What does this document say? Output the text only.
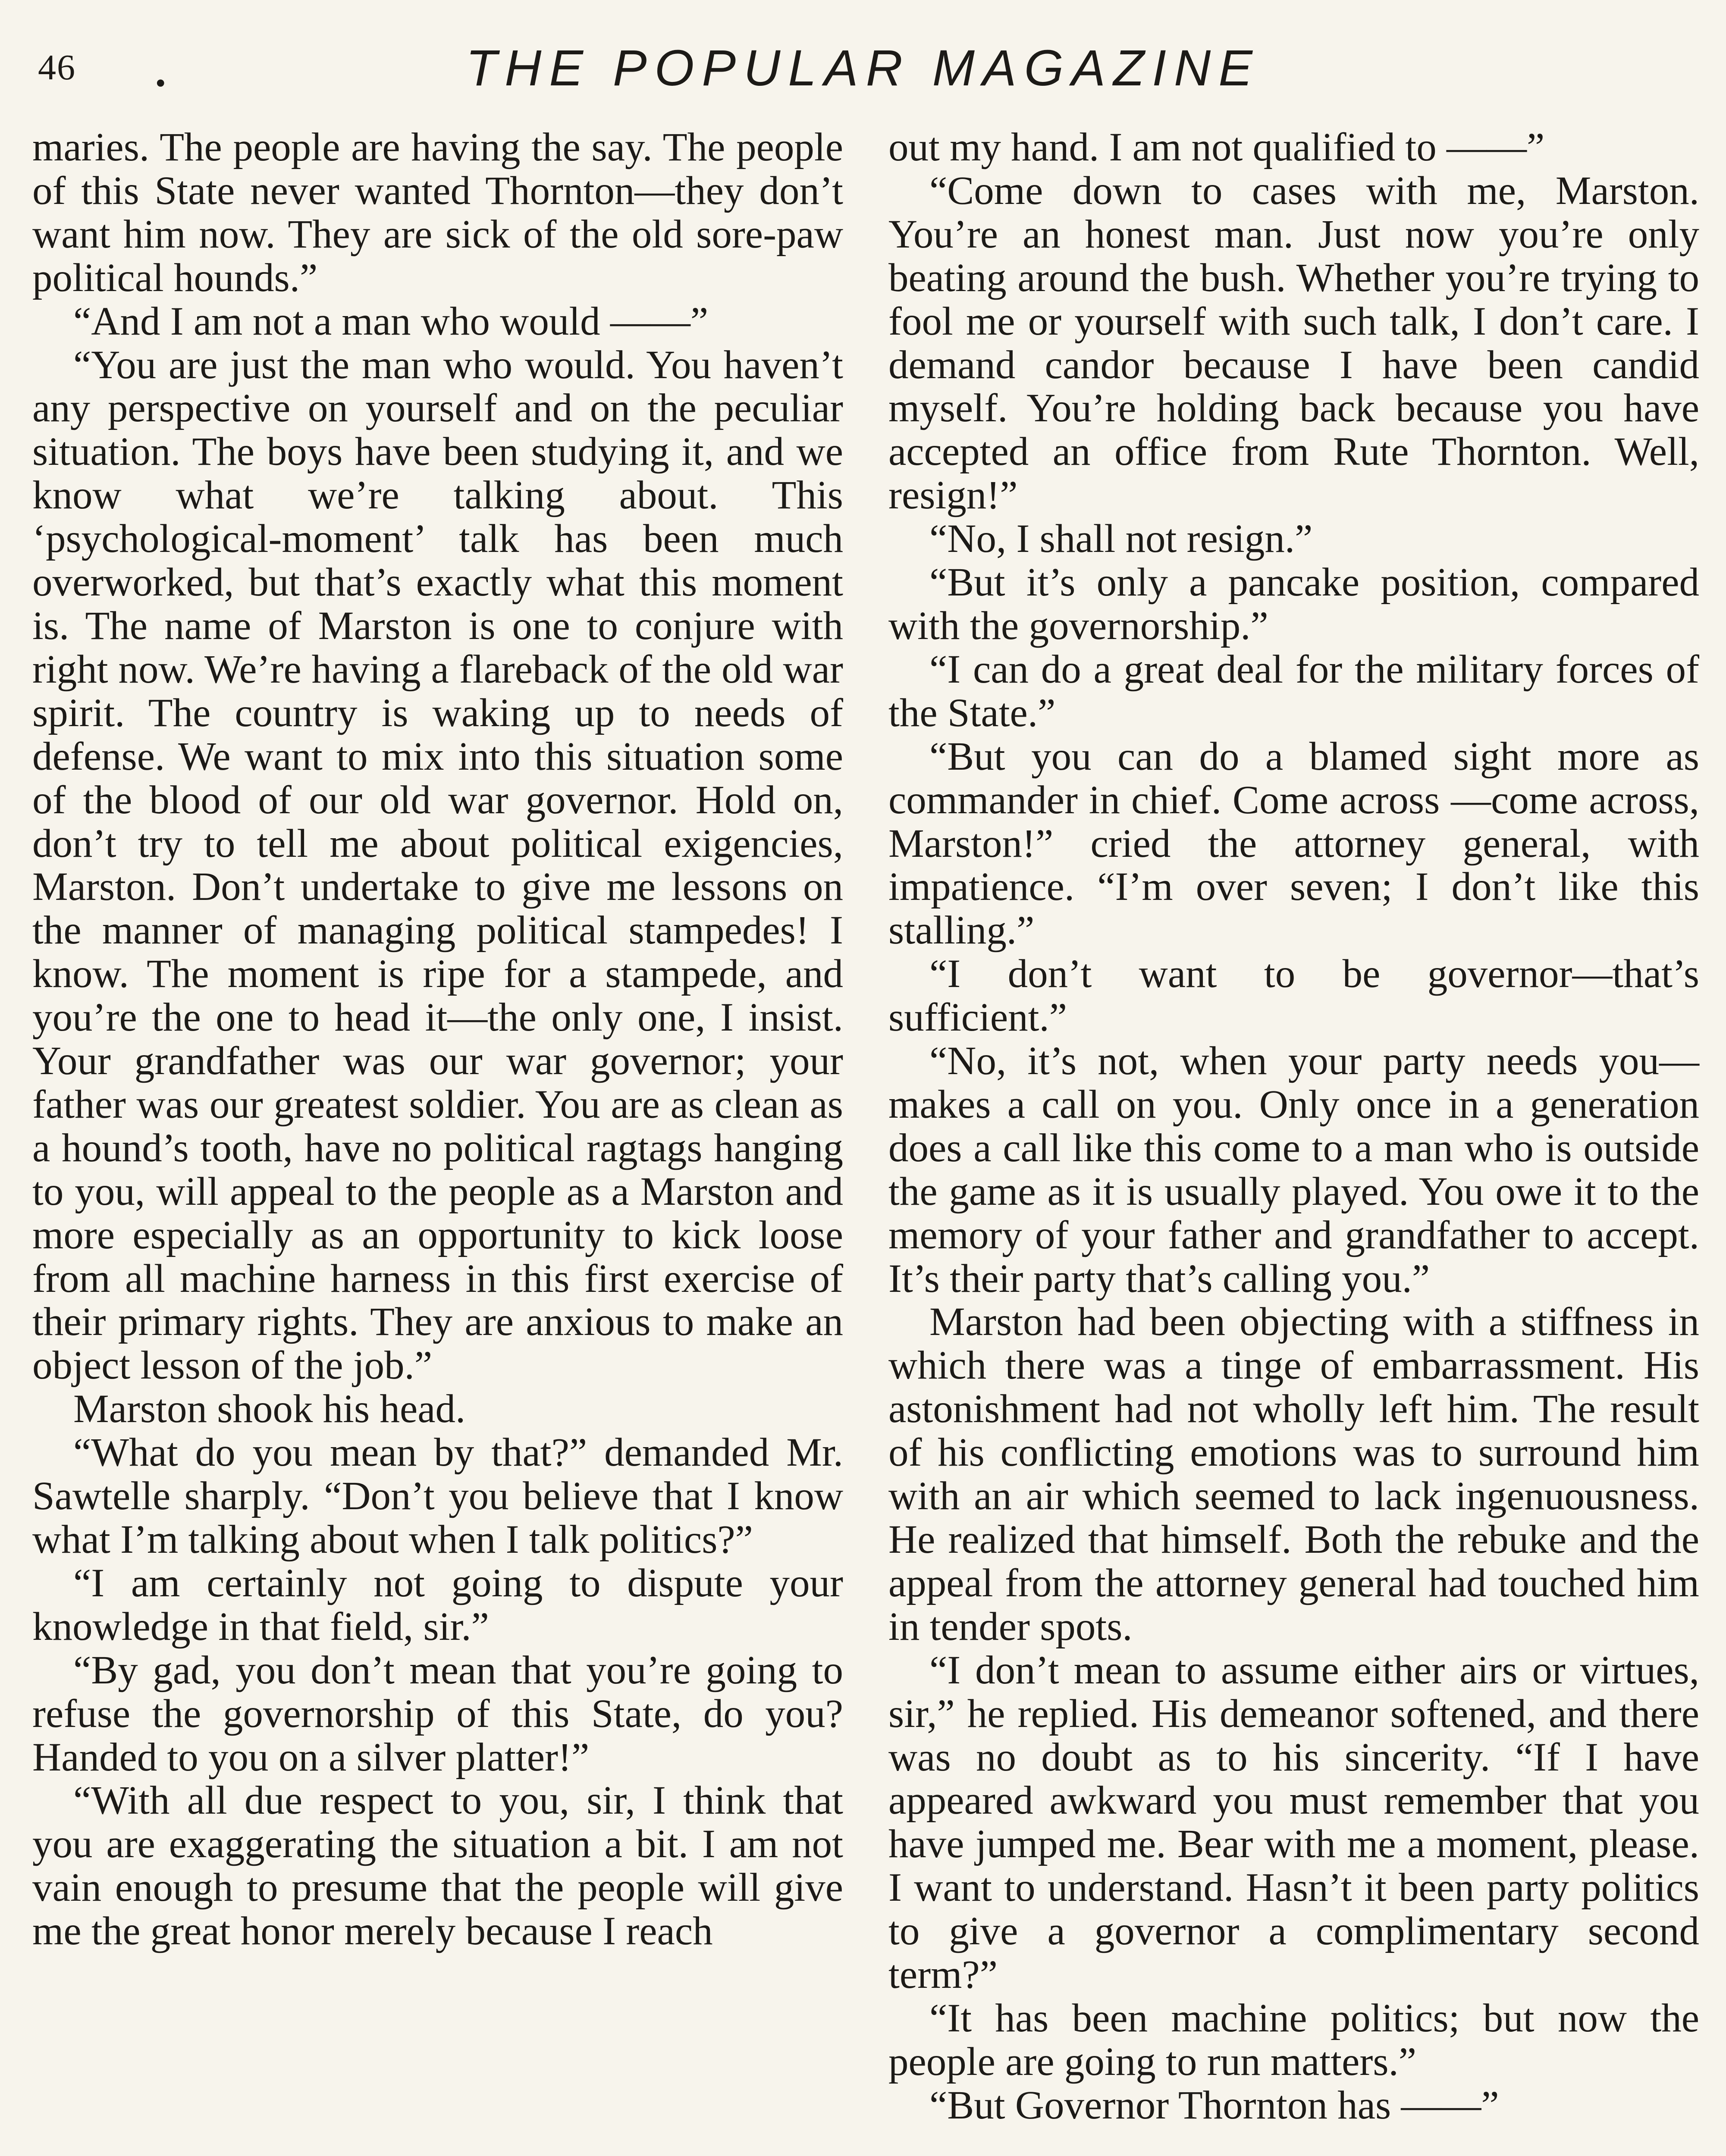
46	•	THE POPULAR MAGAZINE

maries. The people are having the say. The people of this State never wanted Thornton—they don’t want him now. They are sick of the old sore-paw political hounds.”

“And I am not a man who would ——”

“You are just the man who would. You haven’t any perspective on yourself and on the peculiar situation. The boys have been studying it, and we know what we’re talking about. This ‘psychological-moment’ talk has been much overworked, but that’s exactly what this moment is. The name of Marston is one to conjure with right now. We’re having a flareback of the old war spirit. The country is waking up to needs of defense. We want to mix into this situation some of the blood of our old war governor. Hold on, don’t try to tell me about political exigencies, Marston. Don’t undertake to give me lessons on the manner of managing political stampedes! I know. The moment is ripe for a stampede, and you’re the one to head it—the only one, I insist. Your grandfather was our war governor; your father was our greatest soldier. You are as clean as a hound’s tooth, have no political ragtags hanging to you, will appeal to the people as a Marston and more especially as an opportunity to kick loose from all machine harness in this first exercise of their primary rights. They are anxious to make an object lesson of the job.”

Marston shook his head.

“What do you mean by that?” demanded Mr. Sawtelle sharply. “Don’t you believe that I know what I’m talking about when I talk politics?”

“I am certainly not going to dispute your knowledge in that field, sir.”

“By gad, you don’t mean that you’re going to refuse the governorship of this State, do you? Handed to you on a silver platter!”

“With all due respect to you, sir, I think that you are exaggerating the situation a bit. I am not vain enough to presume that the people will give me the great honor merely because I reach

out my hand. I am not qualified to ——”

“Come down to cases with me, Marston. You’re an honest man. Just now you’re only beating around the bush. Whether you’re trying to fool me or yourself with such talk, I don’t care. I demand candor because I have been candid myself. You’re holding back because you have accepted an office from Rute Thornton. Well, resign!”

“No, I shall not resign.”

“But it’s only a pancake position, compared with the governorship.”

“I can do a great deal for the military forces of the State.”

“But you can do a blamed sight more as commander in chief. Come across —come across, Marston!” cried the attorney general, with impatience. “I’m over seven; I don’t like this stalling.”

“I don’t want to be governor—that’s sufficient.”

“No, it’s not, when your party needs you—makes a call on you. Only once in a generation does a call like this come to a man who is outside the game as it is usually played. You owe it to the memory of your father and grandfather to accept. It’s their party that’s calling you.”

Marston had been objecting with a stiffness in which there was a tinge of embarrassment. His astonishment had not wholly left him. The result of his conflicting emotions was to surround him with an air which seemed to lack ingenuousness. He realized that himself. Both the rebuke and the appeal from the attorney general had touched him in tender spots.

“I don’t mean to assume either airs or virtues, sir,” he replied. His demeanor softened, and there was no doubt as to his sincerity. “If I have appeared awkward you must remember that you have jumped me. Bear with me a moment, please. I want to understand. Hasn’t it been party politics to give a governor a complimentary second term?”

“It has been machine politics; but now the people are going to run matters.”

“But Governor Thornton has ——”
